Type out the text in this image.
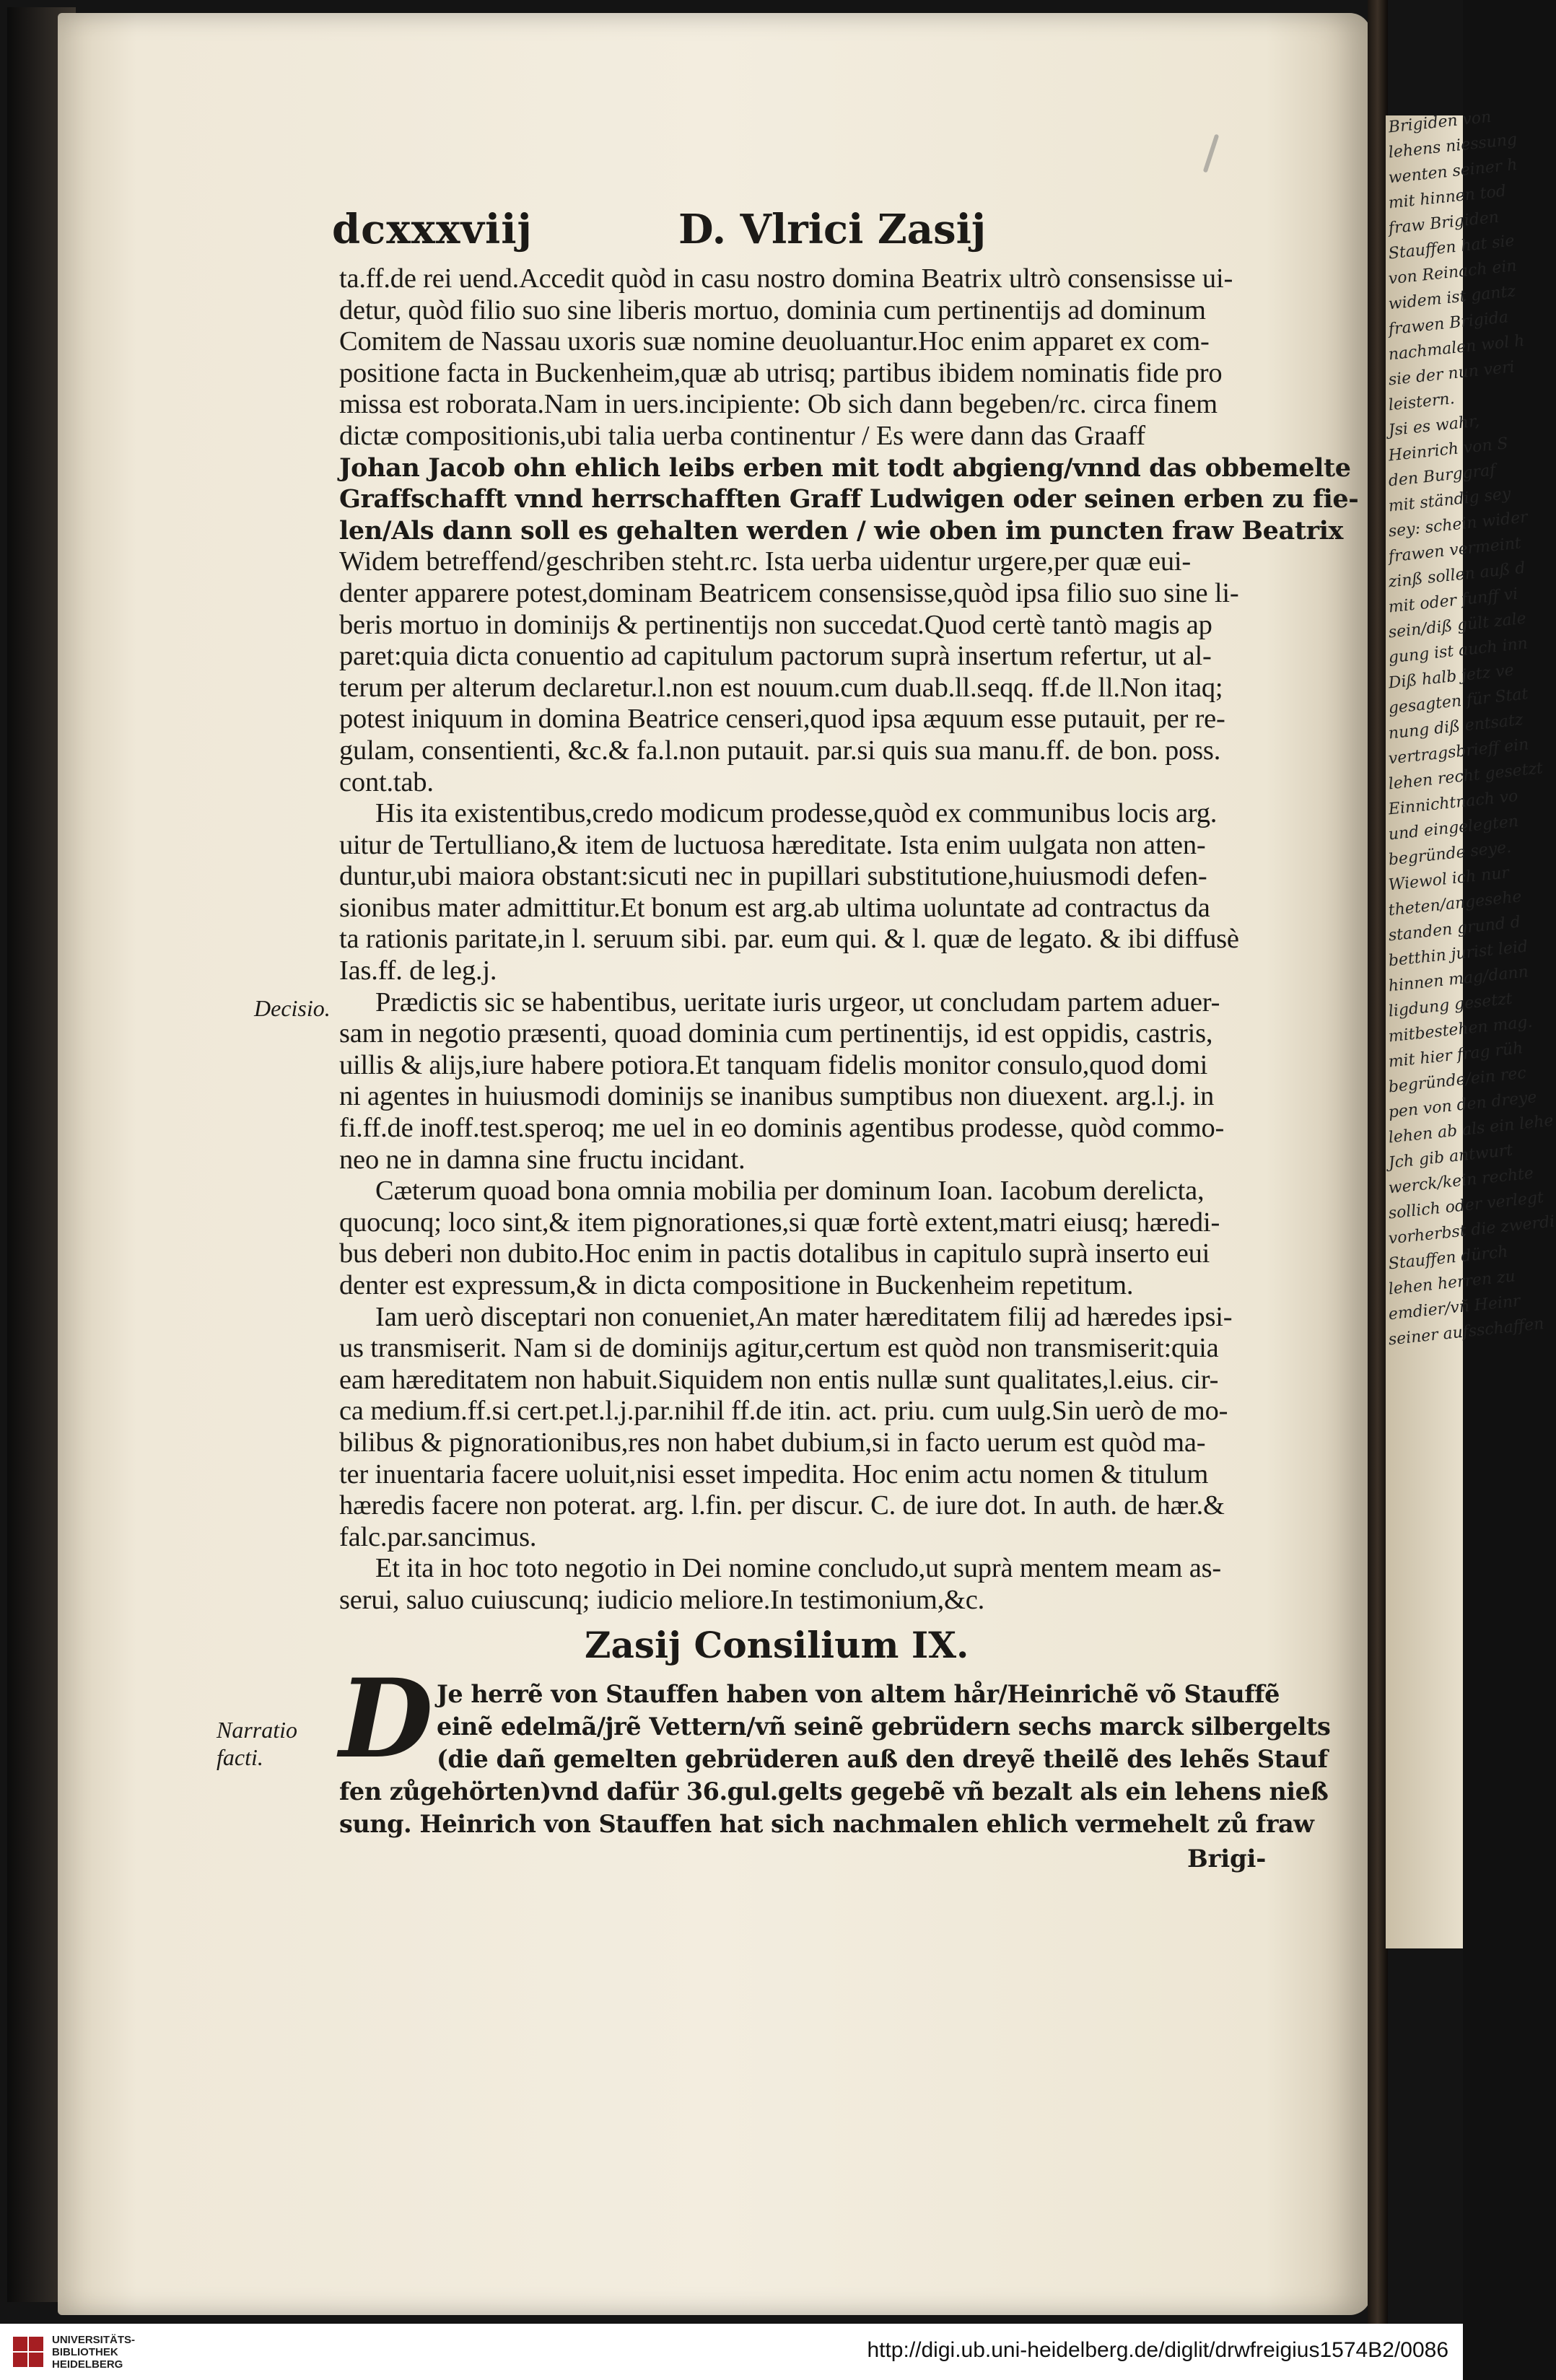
dcxxxviij	D. Vlrici Zasij
ta.ff.de rei uend.Accedit quòd in casu nostro domina Beatrix ultrò consensisse ui-
detur, quòd filio suo sine liberis mortuo, dominia cum pertinentijs ad dominum
Comitem de Nassau uxoris suæ nomine deuoluantur.Hoc enim apparet ex com-
positione facta in Buckenheim,quæ ab utrisq; partibus ibidem nominatis fide pro
missa est roborata.Nam in uers.incipiente: Ob sich dann begeben/rc. circa finem
dictæ compositionis,ubi talia uerba continentur / Es were dann das Graaff
Johan Jacob ohn ehlich leibs erben mit todt abgieng/vnnd das obbemelte
Graffschafft vnnd herrschafften Graff Ludwigen oder seinen erben zu fie-
len/Als dann soll es gehalten werden / wie oben im puncten fraw Beatrix
Widem betreffend/geschriben steht.rc. Ista uerba uidentur urgere,per quæ eui-
denter apparere potest,dominam Beatricem consensisse,quòd ipsa filio suo sine li-
beris mortuo in dominijs & pertinentijs non succedat.Quod certè tantò magis ap
paret:quia dicta conuentio ad capitulum pactorum suprà insertum refertur, ut al-
terum per alterum declaretur.l.non est nouum.cum duab.ll.seqq. ff.de ll.Non itaq;
potest iniquum in domina Beatrice censeri,quod ipsa æquum esse putauit, per re-
gulam, consentienti, &c.& fa.l.non putauit. par.si quis sua manu.ff. de bon. poss.
cont.tab.
His ita existentibus,credo modicum prodesse,quòd ex communibus locis arg.
uitur de Tertulliano,& item de luctuosa hæreditate. Ista enim uulgata non atten-
duntur,ubi maiora obstant:sicuti nec in pupillari substitutione,huiusmodi defen-
sionibus mater admittitur.Et bonum est arg.ab ultima uoluntate ad contractus da
ta rationis paritate,in l. seruum sibi. par. eum qui. & l. quæ de legato. & ibi diffusè
Ias.ff. de leg.j.
Prædictis sic se habentibus, ueritate iuris urgeor, ut concludam partem aduer-
sam in negotio præsenti, quoad dominia cum pertinentijs, id est oppidis, castris,
uillis & alijs,iure habere potiora.Et tanquam fidelis monitor consulo,quod domi
ni agentes in huiusmodi dominijs se inanibus sumptibus non diuexent. arg.l.j. in
fi.ff.de inoff.test.speroq; me uel in eo dominis agentibus prodesse, quòd commo-
neo ne in damna sine fructu incidant.
Cæterum quoad bona omnia mobilia per dominum Ioan. Iacobum derelicta,
quocunq; loco sint,& item pignorationes,si quæ fortè extent,matri eiusq; hæredi-
bus deberi non dubito.Hoc enim in pactis dotalibus in capitulo suprà inserto eui
denter est expressum,& in dicta compositione in Buckenheim repetitum.
Iam uerò disceptari non conueniet,An mater hæreditatem filij ad hæredes ipsi-
us transmiserit. Nam si de dominijs agitur,certum est quòd non transmiserit:quia
eam hæreditatem non habuit.Siquidem non entis nullæ sunt qualitates,l.eius. cir-
ca medium.ff.si cert.pet.l.j.par.nihil ff.de itin. act. priu. cum uulg.Sin uerò de mo-
bilibus & pignorationibus,res non habet dubium,si in facto uerum est quòd ma-
ter inuentaria facere uoluit,nisi esset impedita. Hoc enim actu nomen & titulum
hæredis facere non poterat. arg. l.fin. per discur. C. de iure dot. In auth. de hær.&
falc.par.sancimus.
Et ita in hoc toto negotio in Dei nomine concludo,ut suprà mentem meam as-
serui, saluo cuiuscunq; iudicio meliore.In testimonium,&c.
Decisio.
Zasij Consilium IX.
D Je herrẽ von Stauffen haben von altem hår/Heinrichẽ võ Stauffẽ
einẽ edelmã/jrẽ Vettern/vñ seinẽ gebrüdern sechs marck silbergelts
(die dañ gemelten gebrüderen auß den dreyẽ theilẽ des lehẽs Stauf
fen zůgehörten)vnd dafür 36.gul.gelts gegebẽ vñ bezalt als ein lehens nieß
sung. Heinrich von Stauffen hat sich nachmalen ehlich vermehelt zů fraw
Narratio
facti.
Brigi-
Brigiden von
lehens niessung
wenten seiner h
mit hinnen tod
fraw Brigiden
Stauffen hat sie
von Reinach ein
widem ist gantz
frawen Brigida
nachmalen wol h
sie der nun veri
leistern.
Jsi es wahr,
Heinrich von S
den Burggraf
mit ständig sey
sey: schein wider
frawen vermeint
zinß sollen auß d
mit oder funff vi
sein/diß gült zale
gung ist auch inn
Diß halb jetz ve
gesagten für Stat
nung diß entsatz
vertragsbrieff ein
lehen recht gesetzt
Einnichtnach vo
und eingelegten
begründe seye.
Wiewol ich nur
theten/angesehe
standen grund d
betthin jurist leid
hinnen mag/dann
ligdung gesetzt
mitbestehen mag.
mit hier frag rüh
begründe/ein rec
pen von den dreye
lehen ab als ein lehe
Jch gib antwurt
werck/kein rechte
sollich oder verlegt
vorherbst die zwerdi
Stauffen dürch
lehen herren zu
emdier/vñ Heinr
seiner aufsschaffen
UNIVERSITÄTS-
BIBLIOTHEK
HEIDELBERG
http://digi.ub.uni-heidelberg.de/diglit/drwfreigius1574B2/0086
